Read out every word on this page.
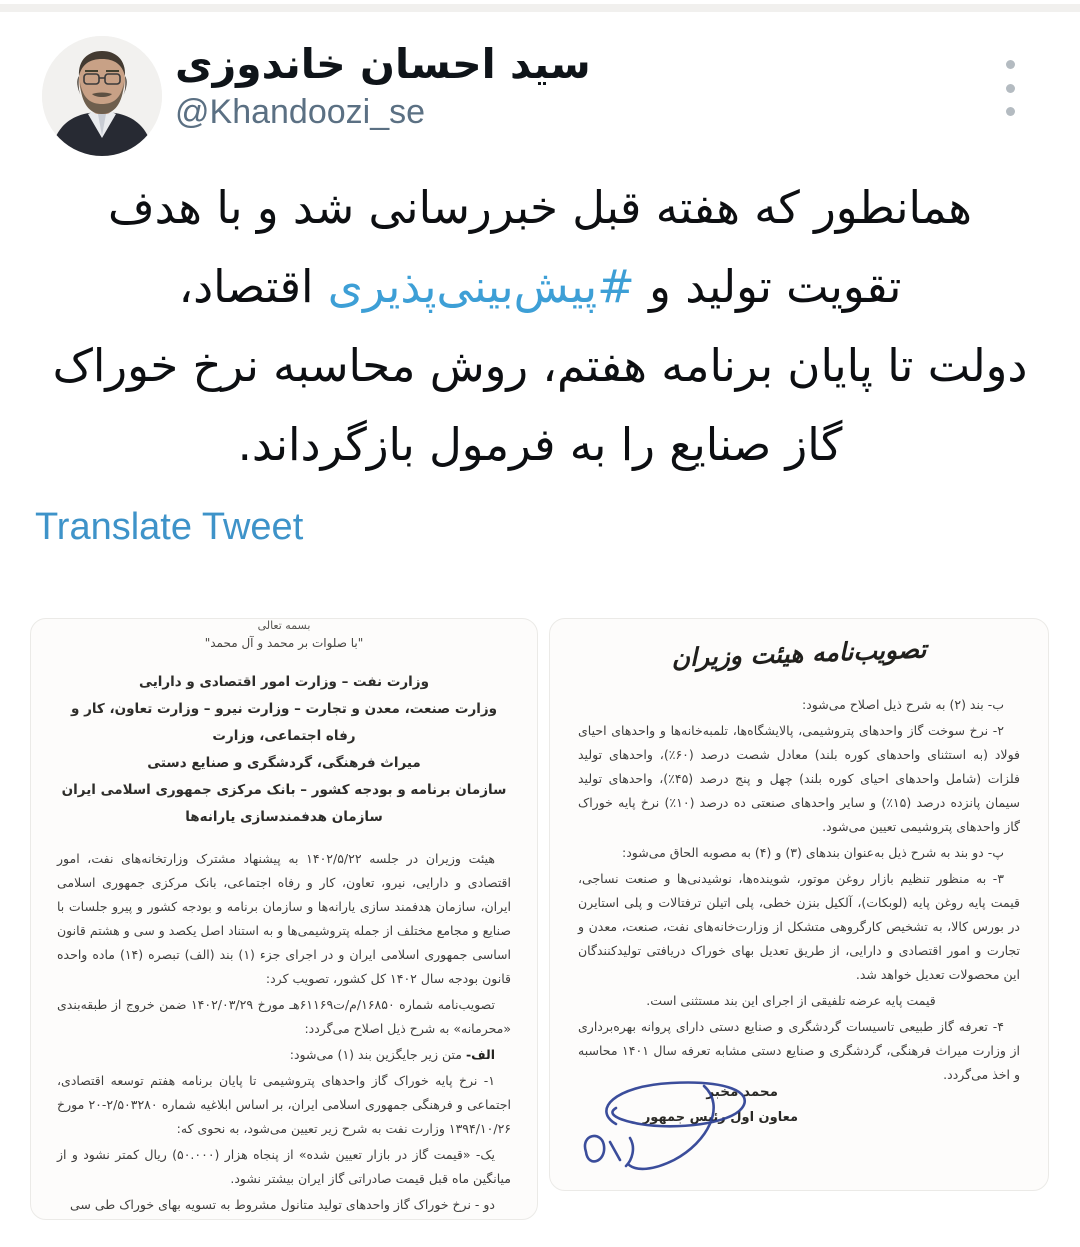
سید احسان خاندوزی
@Khandoozi_se
همانطور که هفته قبل خبررسانی شد و با هدف
تقویت تولید و #پیش‌بینی‌پذیری اقتصاد،
دولت تا پایان برنامه هفتم، روش محاسبه نرخ خوراک
گاز صنایع را به فرمول بازگرداند.
Translate Tweet
بسمه تعالی
"با صلوات بر محمد و آل محمد"
وزارت نفت – وزارت امور اقتصادی و دارایی
وزارت صنعت، معدن و تجارت – وزارت نیرو – وزارت تعاون، کار و رفاه اجتماعی، وزارت
میراث فرهنگی، گردشگری و صنایع دستی
سازمان برنامه و بودجه کشور – بانک مرکزی جمهوری اسلامی ایران
سازمان هدفمندسازی یارانه‌ها

هیئت وزیران در جلسه ۱۴۰۲/۵/۲۲ به پیشنهاد مشترک وزارتخانه‌های نفت، امور اقتصادی و دارایی، نیرو، تعاون، کار و رفاه اجتماعی، بانک مرکزی جمهوری اسلامی ایران، سازمان هدفمند سازی یارانه‌ها و سازمان برنامه و بودجه کشور و پیرو جلسات با صنایع و مجامع مختلف از جمله پتروشیمی‌ها و به استناد اصل یکصد و سی و هشتم قانون اساسی جمهوری اسلامی ایران و در اجرای جزء (۱) بند (الف) تبصره (۱۴) ماده واحده قانون بودجه سال ۱۴۰۲ کل کشور، تصویب کرد:

تصویب‌نامه شماره ۱۶۸۵۰/م/ت۶۱۱۶۹هـ مورخ ۱۴۰۲/۰۳/۲۹ ضمن خروج از طبقه‌بندی «محرمانه» به شرح ذیل اصلاح می‌گردد:

الف- متن زیر جایگزین بند (۱) می‌شود:

۱- نرخ پایه خوراک گاز واحدهای پتروشیمی تا پایان برنامه هفتم توسعه اقتصادی، اجتماعی و فرهنگی جمهوری اسلامی ایران، بر اساس ابلاغیه شماره ۲/۵۰۳۲۸۰-۲۰ مورخ ۱۳۹۴/۱۰/۲۶ وزارت نفت به شرح زیر تعیین می‌شود، به نحوی که:

یک- «قیمت گاز در بازار تعیین شده» از پنجاه هزار (۵۰.۰۰۰) ریال کمتر نشود و از میانگین ماه قبل قیمت صادراتی گاز ایران بیشتر نشود.

دو - نرخ خوراک گاز واحدهای تولید متانول مشروط به تسویه بهای خوراک طی سی

تصویب‌نامه هیئت وزیران

ب- بند (۲) به شرح ذیل اصلاح می‌شود:

۲- نرخ سوخت گاز واحدهای پتروشیمی، پالایشگاه‌ها، تلمبه‌خانه‌ها و واحدهای احیای فولاد (به استثنای واحدهای کوره بلند) معادل شصت درصد (۶۰٪)، واحدهای تولید فلزات (شامل واحدهای احیای کوره بلند) چهل و پنج درصد (۴۵٪)، واحدهای تولید سیمان پانزده درصد (۱۵٪) و سایر واحدهای صنعتی ده درصد (۱۰٪) نرخ پایه خوراک گاز واحدهای پتروشیمی تعیین می‌شود.

پ- دو بند به شرح ذیل به‌عنوان بندهای (۳) و (۴) به مصوبه الحاق می‌شود:

۳- به منظور تنظیم بازار روغن موتور، شوینده‌ها، نوشیدنی‌ها و صنعت نساجی، قیمت پایه روغن پایه (لوبکات)، آلکیل بنزن خطی، پلی اتیلن ترفتالات و پلی استایرن در بورس کالا، به تشخیص کارگروهی متشکل از وزارت‌خانه‌های نفت، صنعت، معدن و تجارت و امور اقتصادی و دارایی، از طریق تعدیل بهای خوراک دریافتی تولیدکنندگان این محصولات تعدیل خواهد شد.

قیمت پایه عرضه تلفیقی از اجرای این بند مستثنی است.

۴- تعرفه گاز طبیعی تاسیسات گردشگری و صنایع دستی دارای پروانه بهره‌برداری از وزارت میراث فرهنگی، گردشگری و صنایع دستی مشابه تعرفه سال ۱۴۰۱ محاسبه و اخذ می‌گردد.

محمد مخبر
معاون اول رئیس جمهور
